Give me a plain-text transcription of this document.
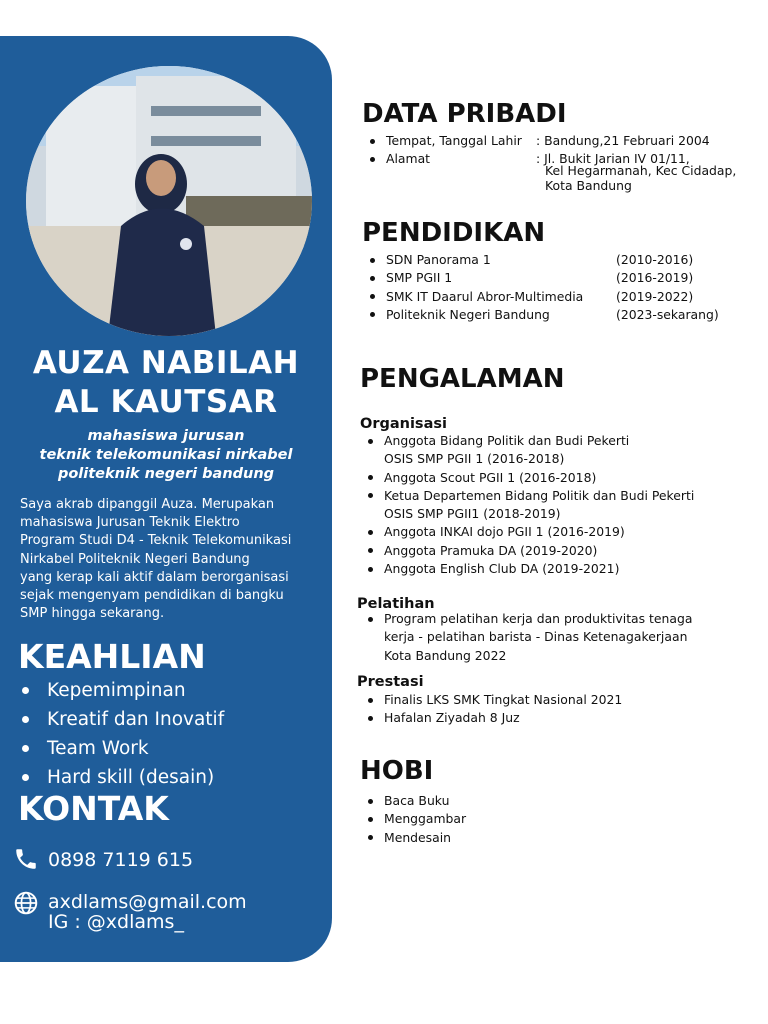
AUZA NABILAH
AL KAUTSAR
mahasiswa jurusan
teknik telekomunikasi nirkabel
politeknik negeri bandung
Saya akrab dipanggil Auza. Merupakan
mahasiswa Jurusan Teknik Elektro
Program Studi D4 - Teknik Telekomunikasi
Nirkabel Politeknik Negeri Bandung
yang kerap kali aktif dalam berorganisasi
sejak mengenyam pendidikan di bangku
SMP hingga sekarang.
KEAHLIAN
Kepemimpinan
Kreatif dan Inovatif
Team Work
Hard skill (desain)
KONTAK
0898 7119 615
axdlams@gmail.com
IG : @xdlams_
DATA PRIBADI
Tempat, Tanggal Lahir	: Bandung,21 Februari 2004
Alamat	: Jl. Bukit Jarian IV 01/11,
Kel Hegarmanah, Kec Cidadap,
Kota Bandung
PENDIDIKAN
SDN Panorama 1	(2010-2016)
SMP PGII 1	(2016-2019)
SMK IT Daarul Abror-Multimedia	(2019-2022)
Politeknik Negeri Bandung	(2023-sekarang)
PENGALAMAN
Organisasi
Anggota Bidang Politik dan Budi Pekerti
OSIS SMP PGII 1 (2016-2018)
Anggota Scout PGII 1 (2016-2018)
Ketua Departemen Bidang Politik dan Budi Pekerti
OSIS SMP PGII1 (2018-2019)
Anggota INKAI dojo PGII 1 (2016-2019)
Anggota Pramuka DA (2019-2020)
Anggota English Club DA (2019-2021)
Pelatihan
Program pelatihan kerja dan produktivitas tenaga
kerja - pelatihan barista - Dinas Ketenagakerjaan
Kota Bandung 2022
Prestasi
Finalis LKS SMK Tingkat Nasional 2021
Hafalan Ziyadah 8 Juz
HOBI
Baca Buku
Menggambar
Mendesain
